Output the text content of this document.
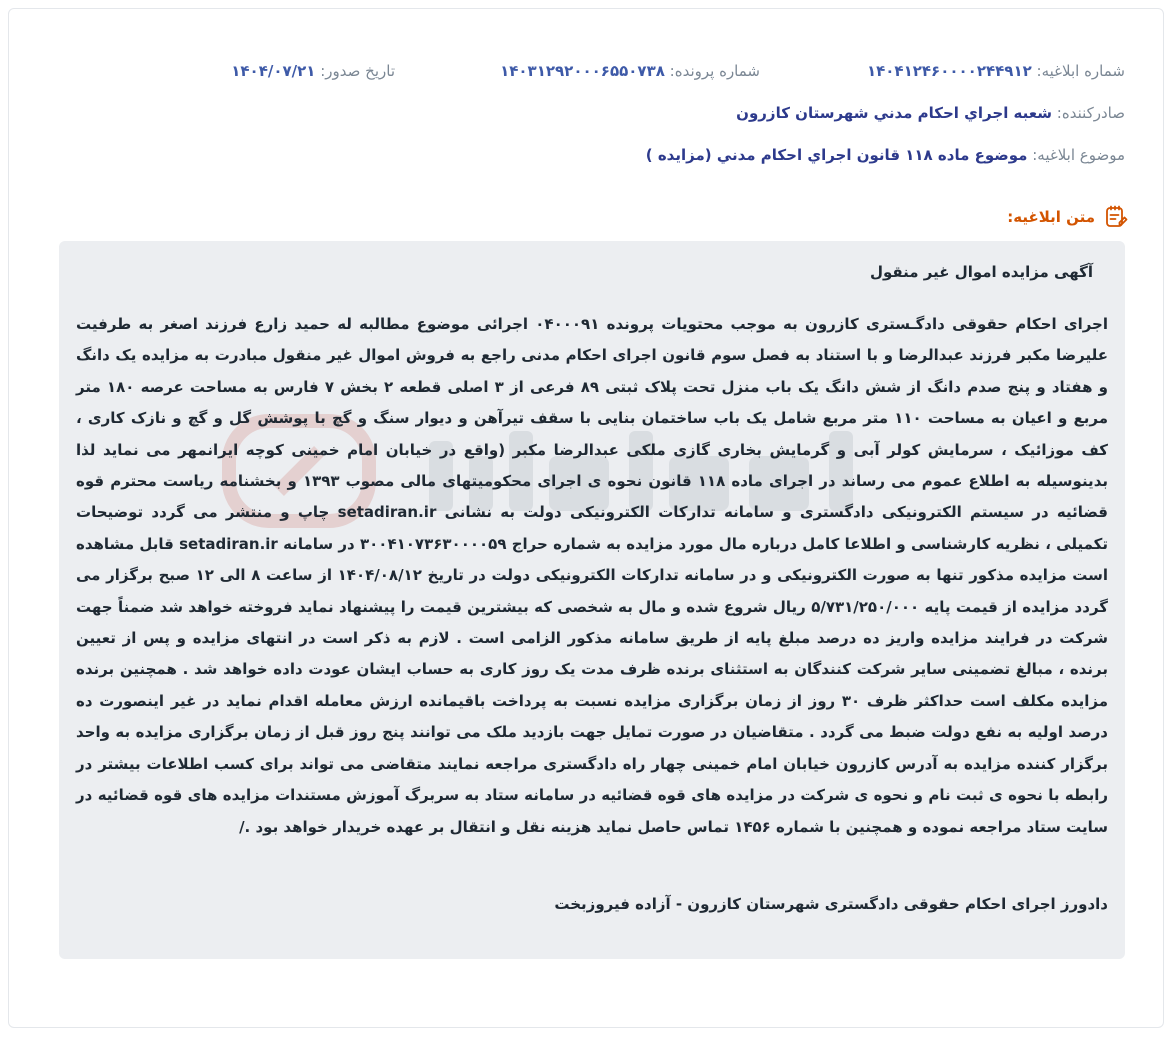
شماره ابلاغیه: ۱۴۰۴۱۲۴۶۰۰۰۰۲۴۴۹۱۲
شماره پرونده: ۱۴۰۳۱۲۹۲۰۰۰۶۵۵۰۷۳۸
تاریخ صدور: ۱۴۰۴/۰۷/۲۱
صادرکننده: شعبه اجراي احكام مدني شهرستان كازرون
موضوع ابلاغیه: موضوع ماده ۱۱۸ قانون اجراي احكام مدني (مزايده )
متن ابلاغیه:
آگهی مزایده اموال غیر منقول
اجرای احکام حقوقی دادگـستری کازرون به موجب محتویات پرونده ۰۴۰۰۰۹۱ اجرائی موضوع مطالبه له حمید زارع فرزند اصغر به طرفیت علیرضا مکبر فرزند عبدالرضا و با استناد به فصل سوم قانون اجرای احکام مدنی راجع به فروش اموال غیر منقول مبادرت به مزایده یک دانگ و هفتاد و پنج صدم دانگ از شش دانگ یک باب منزل تحت پلاک ثبتی ۸۹ فرعی از ۳ اصلی قطعه ۲ بخش ۷ فارس به مساحت عرصه ۱۸۰ متر مربع و اعیان به مساحت ۱۱۰ متر مربع شامل یک باب ساختمان بنایی با سقف تیرآهن و دیوار سنگ و گچ با پوشش گل و گچ و نازک کاری ، کف موزائیک ، سرمایش کولر آبی و گرمایش بخاری گازی ملکی عبدالرضا مکبر (واقع در خیابان امام خمینی کوچه ایرانمهر می نماید لذا بدینوسیله به اطلاع عموم می رساند در اجرای ماده ۱۱۸ قانون نحوه ی اجرای محکومیتهای مالی مصوب ۱۳۹۳ و بخشنامه ریاست محترم قوه قضائیه در سیستم الکترونیکی دادگستری و سامانه تدارکات الکترونیکی دولت به نشانی setadiran.ir چاپ و منتشر می گردد توضیحات تکمیلی ، نظریه کارشناسی و اطلاعا کامل درباره مال مورد مزایده به شماره حراج ۳۰۰۴۱۰۷۳۶۳۰۰۰۰۵۹ در سامانه setadiran.ir قابل مشاهده است مزایده مذکور تنها به صورت الکترونیکی و در سامانه تدارکات الکترونیکی دولت در تاریخ ۱۴۰۴/۰۸/۱۲ از ساعت ۸ الی ۱۲ صبح برگزار می گردد مزایده از قیمت پایه ۵/۷۳۱/۲۵۰/۰۰۰ ریال شروع شده و مال به شخصی که بیشترین قیمت را پیشنهاد نماید فروخته خواهد شد ضمناً جهت شرکت در فرایند مزایده واریز ده درصد مبلغ پایه از طریق سامانه مذکور الزامی است . لازم به ذکر است در انتهای مزایده و پس از تعیین برنده ، مبالغ تضمینی سایر شرکت کنندگان به استثنای برنده ظرف مدت یک روز کاری به حساب ایشان عودت داده خواهد شد . همچنین برنده مزایده مکلف است حداکثر ظرف ۳۰ روز از زمان برگزاری مزایده نسبت به پرداخت باقیمانده ارزش معامله اقدام نماید در غیر اینصورت ده درصد اولیه به نفع دولت ضبط می گردد . متقاضیان در صورت تمایل جهت بازدید ملک می توانند پنج روز قبل از زمان برگزاری مزایده به واحد برگزار کننده مزایده به آدرس کازرون خیابان امام خمینی چهار راه دادگستری مراجعه نمایند متقاضی می تواند برای کسب اطلاعات بیشتر در رابطه با نحوه ی ثبت نام و نحوه ی شرکت در مزایده های قوه قضائیه در سامانه ستاد به سربرگ آموزش مستندات مزایده های قوه قضائیه در سایت ستاد مراجعه نموده و همچنین با شماره ۱۴۵۶ تماس حاصل نماید هزینه نقل و انتقال بر عهده خریدار خواهد بود ./
دادورز اجرای احکام حقوقی دادگستری شهرستان کازرون - آزاده فیروزبخت
